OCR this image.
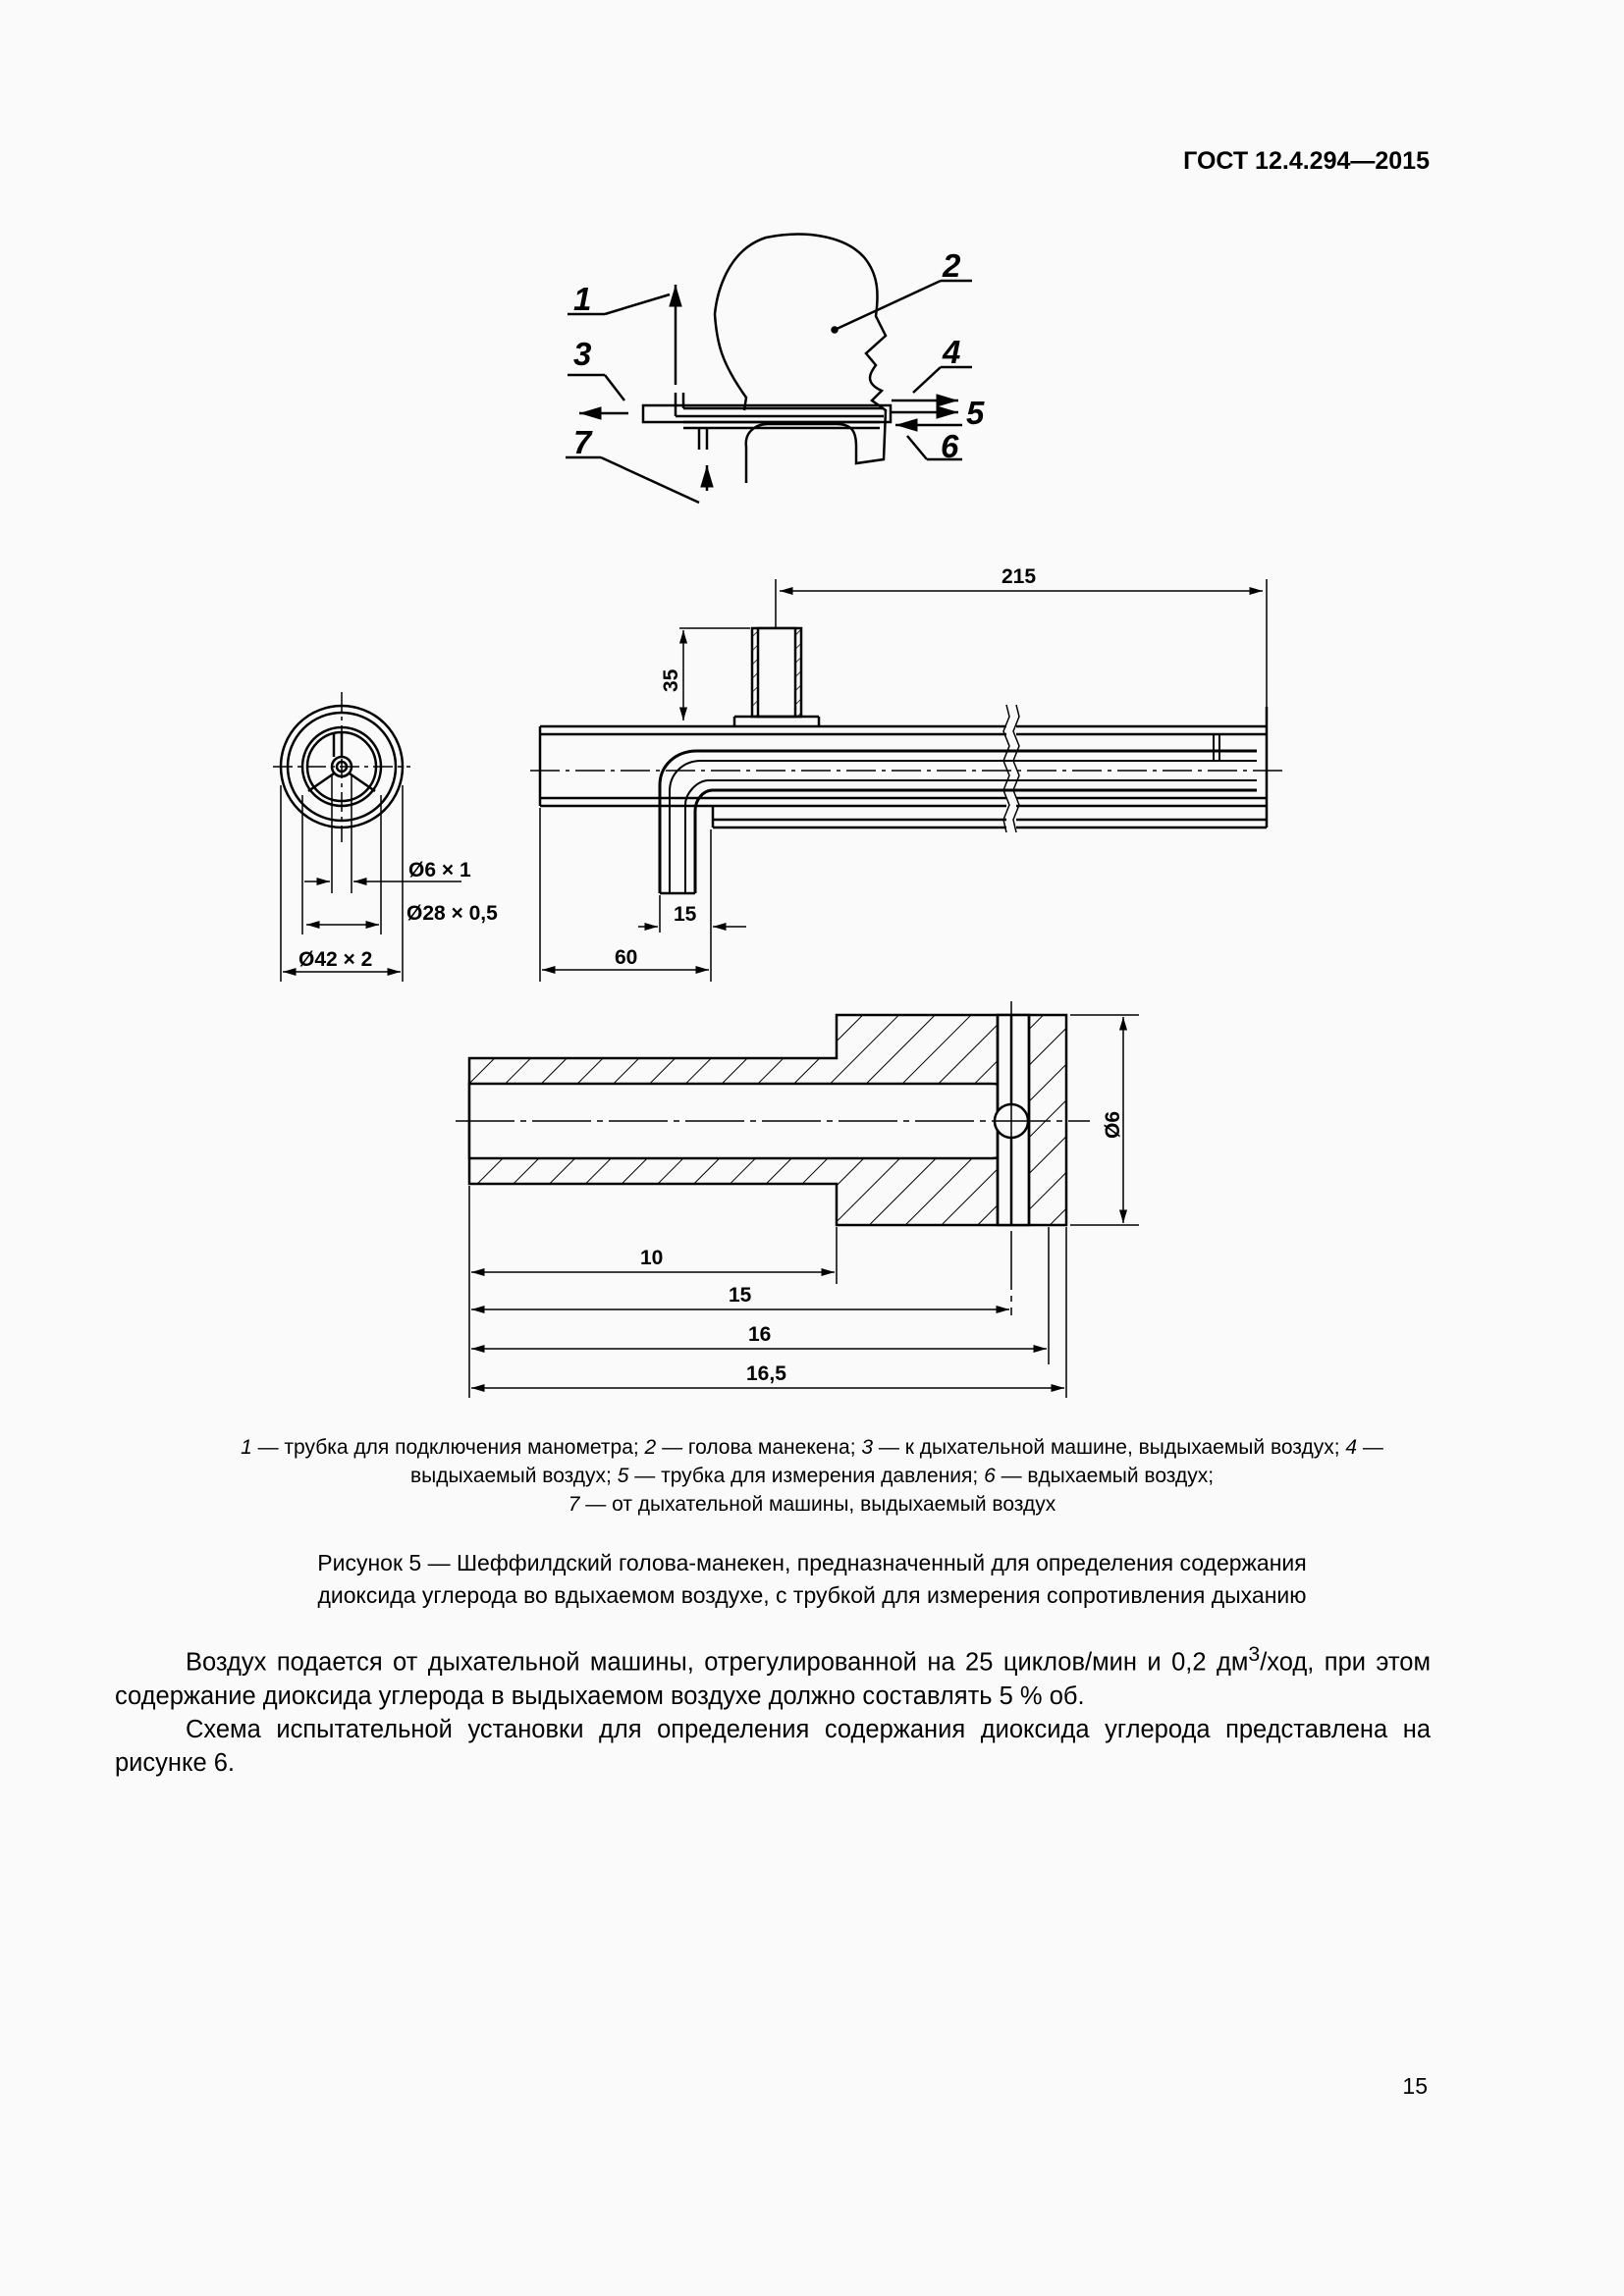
ГОСТ 12.4.294—2015
1
2
3	4
5
6
7
Ø6 × 1
Ø28 × 0,5
Ø42 × 2
215
35
15
60
Ø6
10
15
16
16,5
1 — трубка для подключения манометра; 2 — голова манекена; 3 — к дыхательной машине, выдыхаемый воздух; 4 — выдыхаемый воздух; 5 — трубка для измерения давления; 6 — вдыхаемый воздух;
7 — от дыхательной машины, выдыхаемый воздух
Рисунок 5 — Шеффилдский голова-манекен, предназначенный для определения содержания
диоксида углерода во вдыхаемом воздухе, с трубкой для измерения сопротивления дыханию

Воздух подается от дыхательной машины, отрегулированной на 25 циклов/мин и 0,2 $дм^3$/ход, при этом содержание диоксида углерода в выдыхаемом воздухе должно составлять 5 % об.

Схема испытательной установки для определения содержания диоксида углерода представлена на рисунке 6.

15
